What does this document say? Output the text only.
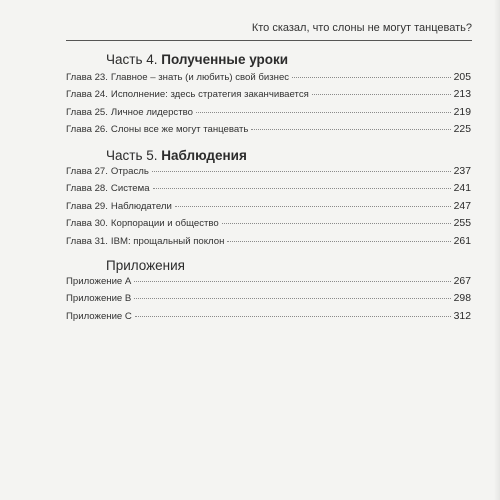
Кто сказал, что слоны не могут танцевать?
Часть 4. Полученные уроки
Глава 23. Главное – знать (и любить) свой бизнес	205
Глава 24. Исполнение: здесь стратегия заканчивается	213
Глава 25. Личное лидерство	219
Глава 26. Слоны все же могут танцевать	225
Часть 5. Наблюдения
Глава 27. Отрасль	237
Глава 28. Система	241
Глава 29. Наблюдатели	247
Глава 30. Корпорации и общество	255
Глава 31. IBM: прощальный поклон	261
Приложения
Приложение А	267
Приложение В	298
Приложение С	312
